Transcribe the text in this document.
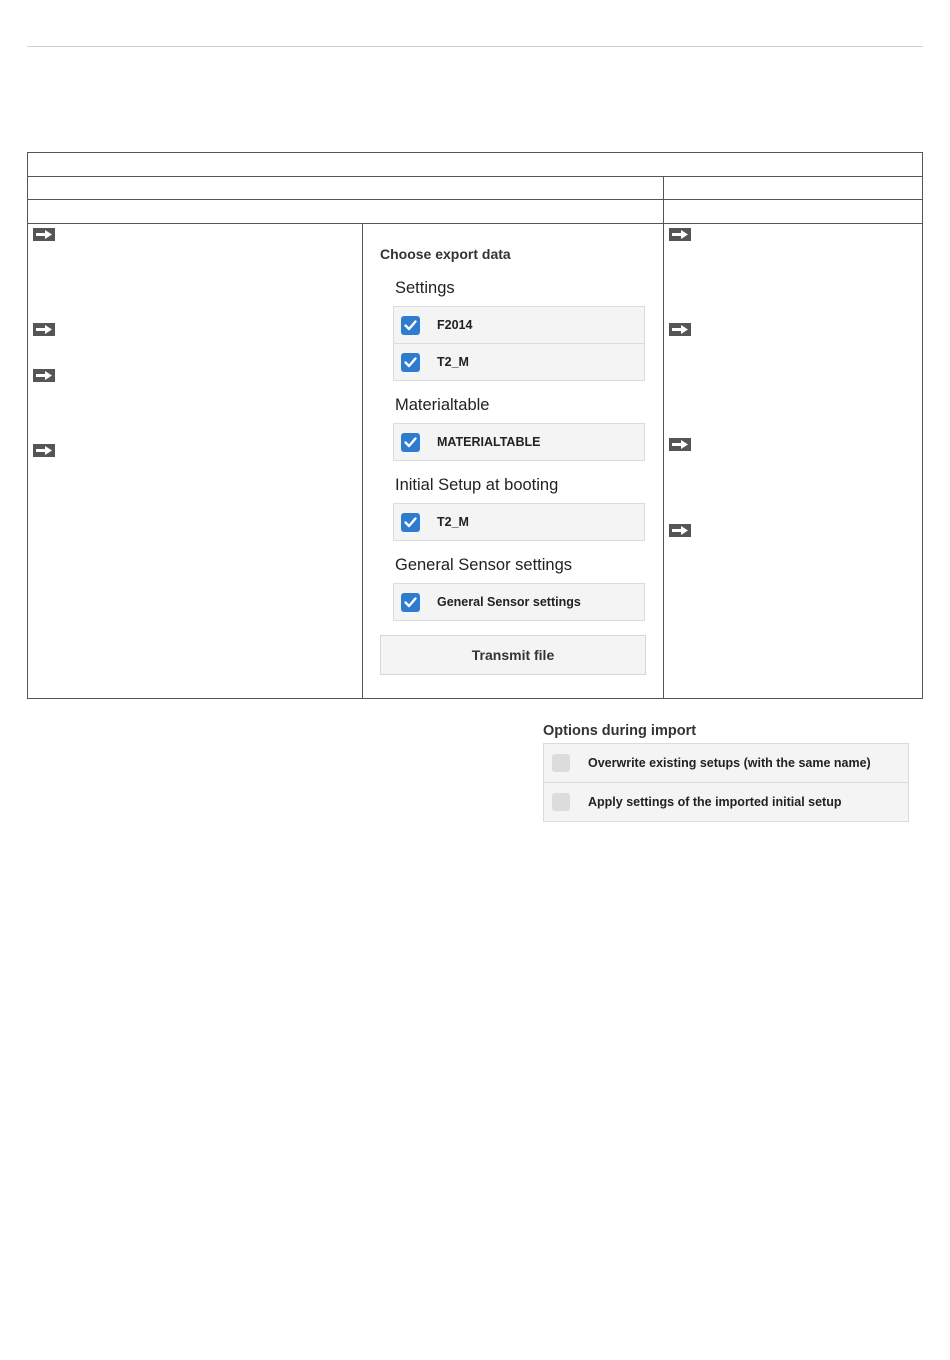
Choose export data
Settings
F2014
T2_M
Materialtable
MATERIALTABLE
Initial Setup at booting
T2_M
General Sensor settings
General Sensor settings
Transmit file
Options during import
Overwrite existing setups (with the same name)
Apply settings of the imported initial setup
